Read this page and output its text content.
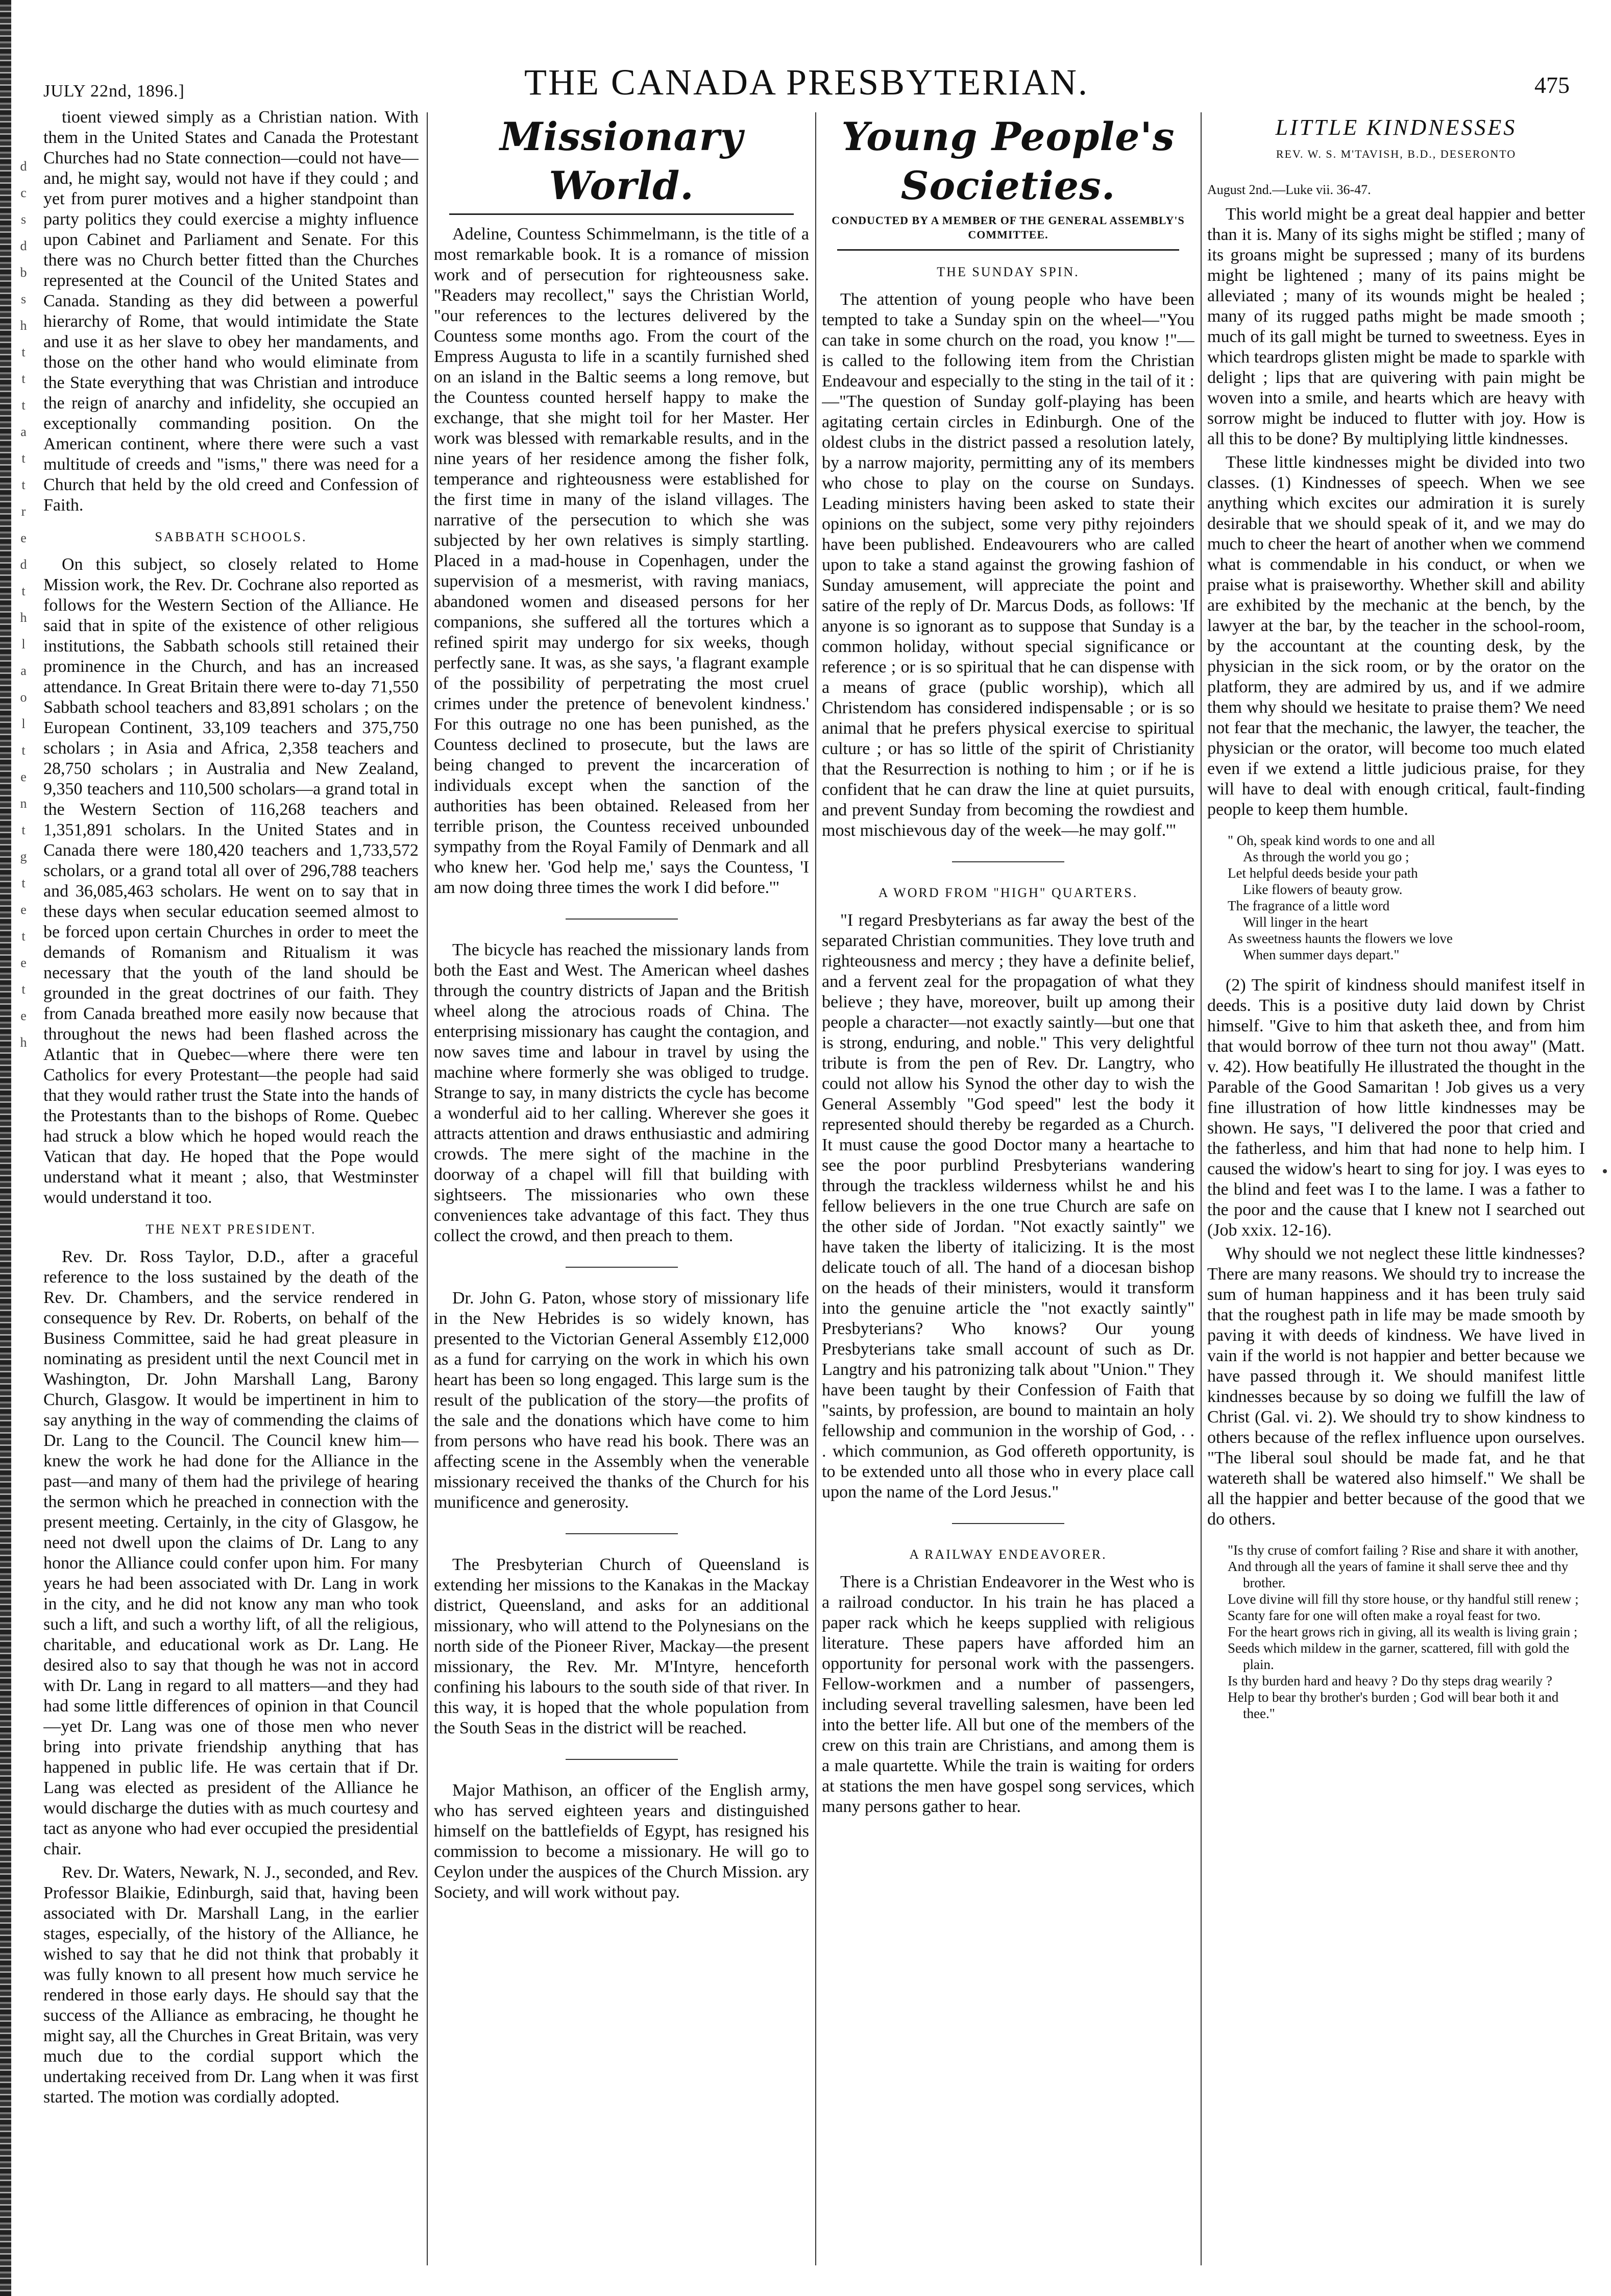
d
c
s
d
b
s
h
t
t
t
a
t
t
r
e
d
t
h
l
a
o
l
t
e
n
t
g
t
e
t
e
t
e
h
JULY 22nd, 1896.]	THE CANADA PRESBYTERIAN.	475

tioent viewed simply as a Christian nation. With them in the United States and Canada the Protestant Churches had no State connection—could not have—and, he might say, would not have if they could ; and yet from purer motives and a higher standpoint than party politics they could exercise a mighty influence upon Cabinet and Parliament and Senate. For this there was no Church better fitted than the Churches represented at the Council of the United States and Canada. Standing as they did between a powerful hierarchy of Rome, that would intimidate the State and use it as her slave to obey her mandaments, and those on the other hand who would eliminate from the State everything that was Christian and introduce the reign of anarchy and infidelity, she occupied an exceptionally commanding position. On the American continent, where there were such a vast multitude of creeds and "isms," there was need for a Church that held by the old creed and Confession of Faith.

SABBATH SCHOOLS.

On this subject, so closely related to Home Mission work, the Rev. Dr. Cochrane also reported as follows for the Western Section of the Alliance. He said that in spite of the existence of other religious institutions, the Sabbath schools still retained their prominence in the Church, and has an increased attendance. In Great Britain there were to-day 71,550 Sabbath school teachers and 83,891 scholars ; on the European Continent, 33,109 teachers and 375,750 scholars ; in Asia and Africa, 2,358 teachers and 28,750 scholars ; in Australia and New Zealand, 9,350 teachers and 110,500 scholars—a grand total in the Western Section of 116,268 teachers and 1,351,891 scholars. In the United States and in Canada there were 180,420 teachers and 1,733,572 scholars, or a grand total all over of 296,788 teachers and 36,085,463 scholars. He went on to say that in these days when secular education seemed almost to be forced upon certain Churches in order to meet the demands of Romanism and Ritualism it was necessary that the youth of the land should be grounded in the great doctrines of our faith. They from Canada breathed more easily now because that throughout the news had been flashed across the Atlantic that in Quebec—where there were ten Catholics for every Protestant—the people had said that they would rather trust the State into the hands of the Protestants than to the bishops of Rome. Quebec had struck a blow which he hoped would reach the Vatican that day. He hoped that the Pope would understand what it meant ; also, that Westminster would understand it too.

THE NEXT PRESIDENT.

Rev. Dr. Ross Taylor, D.D., after a graceful reference to the loss sustained by the death of the Rev. Dr. Chambers, and the service rendered in consequence by Rev. Dr. Roberts, on behalf of the Business Committee, said he had great pleasure in nominating as president until the next Council met in Washington, Dr. John Marshall Lang, Barony Church, Glasgow. It would be impertinent in him to say anything in the way of commending the claims of Dr. Lang to the Council. The Council knew him—knew the work he had done for the Alliance in the past—and many of them had the privilege of hearing the sermon which he preached in connection with the present meeting. Certainly, in the city of Glasgow, he need not dwell upon the claims of Dr. Lang to any honor the Alliance could confer upon him. For many years he had been associated with Dr. Lang in work in the city, and he did not know any man who took such a lift, and such a worthy lift, of all the religious, charitable, and educational work as Dr. Lang. He desired also to say that though he was not in accord with Dr. Lang in regard to all matters—and they had had some little differences of opinion in that Council—yet Dr. Lang was one of those men who never bring into private friendship anything that has happened in public life. He was certain that if Dr. Lang was elected as president of the Alliance he would discharge the duties with as much courtesy and tact as anyone who had ever occupied the presidential chair.

Rev. Dr. Waters, Newark, N. J., seconded, and Rev. Professor Blaikie, Edinburgh, said that, having been associated with Dr. Marshall Lang, in the earlier stages, especially, of the history of the Alliance, he wished to say that he did not think that probably it was fully known to all present how much service he rendered in those early days. He should say that the success of the Alliance as embracing, he thought he might say, all the Churches in Great Britain, was very much due to the cordial support which the undertaking received from Dr. Lang when it was first started. The motion was cordially adopted.

Missionary World.

Adeline, Countess Schimmelmann, is the title of a most remarkable book. It is a romance of mission work and of persecution for righteousness sake. "Readers may recollect," says the Christian World, "our references to the lectures delivered by the Countess some months ago. From the court of the Empress Augusta to life in a scantily furnished shed on an island in the Baltic seems a long remove, but the Countess counted herself happy to make the exchange, that she might toil for her Master. Her work was blessed with remarkable results, and in the nine years of her residence among the fisher folk, temperance and righteousness were established for the first time in many of the island villages. The narrative of the persecution to which she was subjected by her own relatives is simply startling. Placed in a mad-house in Copenhagen, under the supervision of a mesmerist, with raving maniacs, abandoned women and diseased persons for her companions, she suffered all the tortures which a refined spirit may undergo for six weeks, though perfectly sane. It was, as she says, 'a flagrant example of the possibility of perpetrating the most cruel crimes under the pretence of benevolent kindness.' For this outrage no one has been punished, as the Countess declined to prosecute, but the laws are being changed to prevent the incarceration of individuals except when the sanction of the authorities has been obtained. Released from her terrible prison, the Countess received unbounded sympathy from the Royal Family of Denmark and all who knew her. 'God help me,' says the Countess, 'I am now doing three times the work I did before.'"

The bicycle has reached the missionary lands from both the East and West. The American wheel dashes through the country districts of Japan and the British wheel along the atrocious roads of China. The enterprising missionary has caught the contagion, and now saves time and labour in travel by using the machine where formerly she was obliged to trudge. Strange to say, in many districts the cycle has become a wonderful aid to her calling. Wherever she goes it attracts attention and draws enthusiastic and admiring crowds. The mere sight of the machine in the doorway of a chapel will fill that building with sightseers. The missionaries who own these conveniences take advantage of this fact. They thus collect the crowd, and then preach to them.

Dr. John G. Paton, whose story of missionary life in the New Hebrides is so widely known, has presented to the Victorian General Assembly £12,000 as a fund for carrying on the work in which his own heart has been so long engaged. This large sum is the result of the publication of the story—the profits of the sale and the donations which have come to him from persons who have read his book. There was an affecting scene in the Assembly when the venerable missionary received the thanks of the Church for his munificence and generosity.

The Presbyterian Church of Queensland is extending her missions to the Kanakas in the Mackay district, Queensland, and asks for an additional missionary, who will attend to the Polynesians on the north side of the Pioneer River, Mackay—the present missionary, the Rev. Mr. M'Intyre, henceforth confining his labours to the south side of that river. In this way, it is hoped that the whole population from the South Seas in the district will be reached.

Major Mathison, an officer of the English army, who has served eighteen years and distinguished himself on the battlefields of Egypt, has resigned his commission to become a missionary. He will go to Ceylon under the auspices of the Church Mission. ary Society, and will work without pay.

Young People's Societies.
CONDUCTED BY A MEMBER OF THE GENERAL ASSEMBLY'S COMMITTEE.
THE SUNDAY SPIN.

The attention of young people who have been tempted to take a Sunday spin on the wheel—"You can take in some church on the road, you know !"—is called to the following item from the Christian Endeavour and especially to the sting in the tail of it :—"The question of Sunday golf-playing has been agitating certain circles in Edinburgh. One of the oldest clubs in the district passed a resolution lately, by a narrow majority, permitting any of its members who chose to play on the course on Sundays. Leading ministers having been asked to state their opinions on the subject, some very pithy rejoinders have been published. Endeavourers who are called upon to take a stand against the growing fashion of Sunday amusement, will appreciate the point and satire of the reply of Dr. Marcus Dods, as follows: 'If anyone is so ignorant as to suppose that Sunday is a common holiday, without special significance or reference ; or is so spiritual that he can dispense with a means of grace (public worship), which all Christendom has considered indispensable ; or is so animal that he prefers physical exercise to spiritual culture ; or has so little of the spirit of Christianity that the Resurrection is nothing to him ; or if he is confident that he can draw the line at quiet pursuits, and prevent Sunday from becoming the rowdiest and most mischievous day of the week—he may golf.'"

A WORD FROM "HIGH" QUARTERS.

"I regard Presbyterians as far away the best of the separated Christian communities. They love truth and righteousness and mercy ; they have a definite belief, and a fervent zeal for the propagation of what they believe ; they have, moreover, built up among their people a character—not exactly saintly—but one that is strong, enduring, and noble." This very delightful tribute is from the pen of Rev. Dr. Langtry, who could not allow his Synod the other day to wish the General Assembly "God speed" lest the body it represented should thereby be regarded as a Church. It must cause the good Doctor many a heartache to see the poor purblind Presbyterians wandering through the trackless wilderness whilst he and his fellow believers in the one true Church are safe on the other side of Jordan. "Not exactly saintly" we have taken the liberty of italicizing. It is the most delicate touch of all. The hand of a diocesan bishop on the heads of their ministers, would it transform into the genuine article the "not exactly saintly" Presbyterians? Who knows? Our young Presbyterians take small account of such as Dr. Langtry and his patronizing talk about "Union." They have been taught by their Confession of Faith that "saints, by profession, are bound to maintain an holy fellowship and communion in the worship of God, . . . which communion, as God offereth opportunity, is to be extended unto all those who in every place call upon the name of the Lord Jesus."

A RAILWAY ENDEAVORER.

There is a Christian Endeavorer in the West who is a railroad conductor. In his train he has placed a paper rack which he keeps supplied with religious literature. These papers have afforded him an opportunity for personal work with the passengers. Fellow-workmen and a number of passengers, including several travelling salesmen, have been led into the better life. All but one of the members of the crew on this train are Christians, and among them is a male quartette. While the train is waiting for orders at stations the men have gospel song services, which many persons gather to hear.

LITTLE KINDNESSES
REV. W. S. M'TAVISH, B.D., DESERONTO
August 2nd.—Luke vii. 36-47.

This world might be a great deal happier and better than it is. Many of its sighs might be stifled ; many of its groans might be supressed ; many of its burdens might be lightened ; many of its pains might be alleviated ; many of its wounds might be healed ; many of its rugged paths might be made smooth ; much of its gall might be turned to sweetness. Eyes in which teardrops glisten might be made to sparkle with delight ; lips that are quivering with pain might be woven into a smile, and hearts which are heavy with sorrow might be induced to flutter with joy. How is all this to be done? By multiplying little kindnesses.

These little kindnesses might be divided into two classes. (1) Kindnesses of speech. When we see anything which excites our admiration it is surely desirable that we should speak of it, and we may do much to cheer the heart of another when we commend what is commendable in his conduct, or when we praise what is praiseworthy. Whether skill and ability are exhibited by the mechanic at the bench, by the lawyer at the bar, by the teacher in the school-room, by the accountant at the counting desk, by the physician in the sick room, or by the orator on the platform, they are admired by us, and if we admire them why should we hesitate to praise them? We need not fear that the mechanic, the lawyer, the teacher, the physician or the orator, will become too much elated even if we extend a little judicious praise, for they will have to deal with enough critical, fault-finding people to keep them humble.

" Oh, speak kind words to one and all
As through the world you go ;
Let helpful deeds beside your path
Like flowers of beauty grow.
The fragrance of a little word
Will linger in the heart
As sweetness haunts the flowers we love
When summer days depart."

(2) The spirit of kindness should manifest itself in deeds. This is a positive duty laid down by Christ himself. "Give to him that asketh thee, and from him that would borrow of thee turn not thou away" (Matt. v. 42). How beatifully He illustrated the thought in the Parable of the Good Samaritan ! Job gives us a very fine illustration of how little kindnesses may be shown. He says, "I delivered the poor that cried and the fatherless, and him that had none to help him. I caused the widow's heart to sing for joy. I was eyes to the blind and feet was I to the lame. I was a father to the poor and the cause that I knew not I searched out (Job xxix. 12-16).

Why should we not neglect these little kindnesses? There are many reasons. We should try to increase the sum of human happiness and it has been truly said that the roughest path in life may be made smooth by paving it with deeds of kindness. We have lived in vain if the world is not happier and better because we have passed through it. We should manifest little kindnesses because by so doing we fulfill the law of Christ (Gal. vi. 2). We should try to show kindness to others because of the reflex influence upon ourselves. "The liberal soul should be made fat, and he that watereth shall be watered also himself." We shall be all the happier and better because of the good that we do others.

"Is thy cruse of comfort failing ? Rise and share it with another,
And through all the years of famine it shall serve thee and thy brother.
Love divine will fill thy store house, or thy handful still renew ;
Scanty fare for one will often make a royal feast for two.
For the heart grows rich in giving, all its wealth is living grain ;
Seeds which mildew in the garner, scattered, fill with gold the plain.
Is thy burden hard and heavy ? Do thy steps drag wearily ?
Help to bear thy brother's burden ; God will bear both it and thee."
